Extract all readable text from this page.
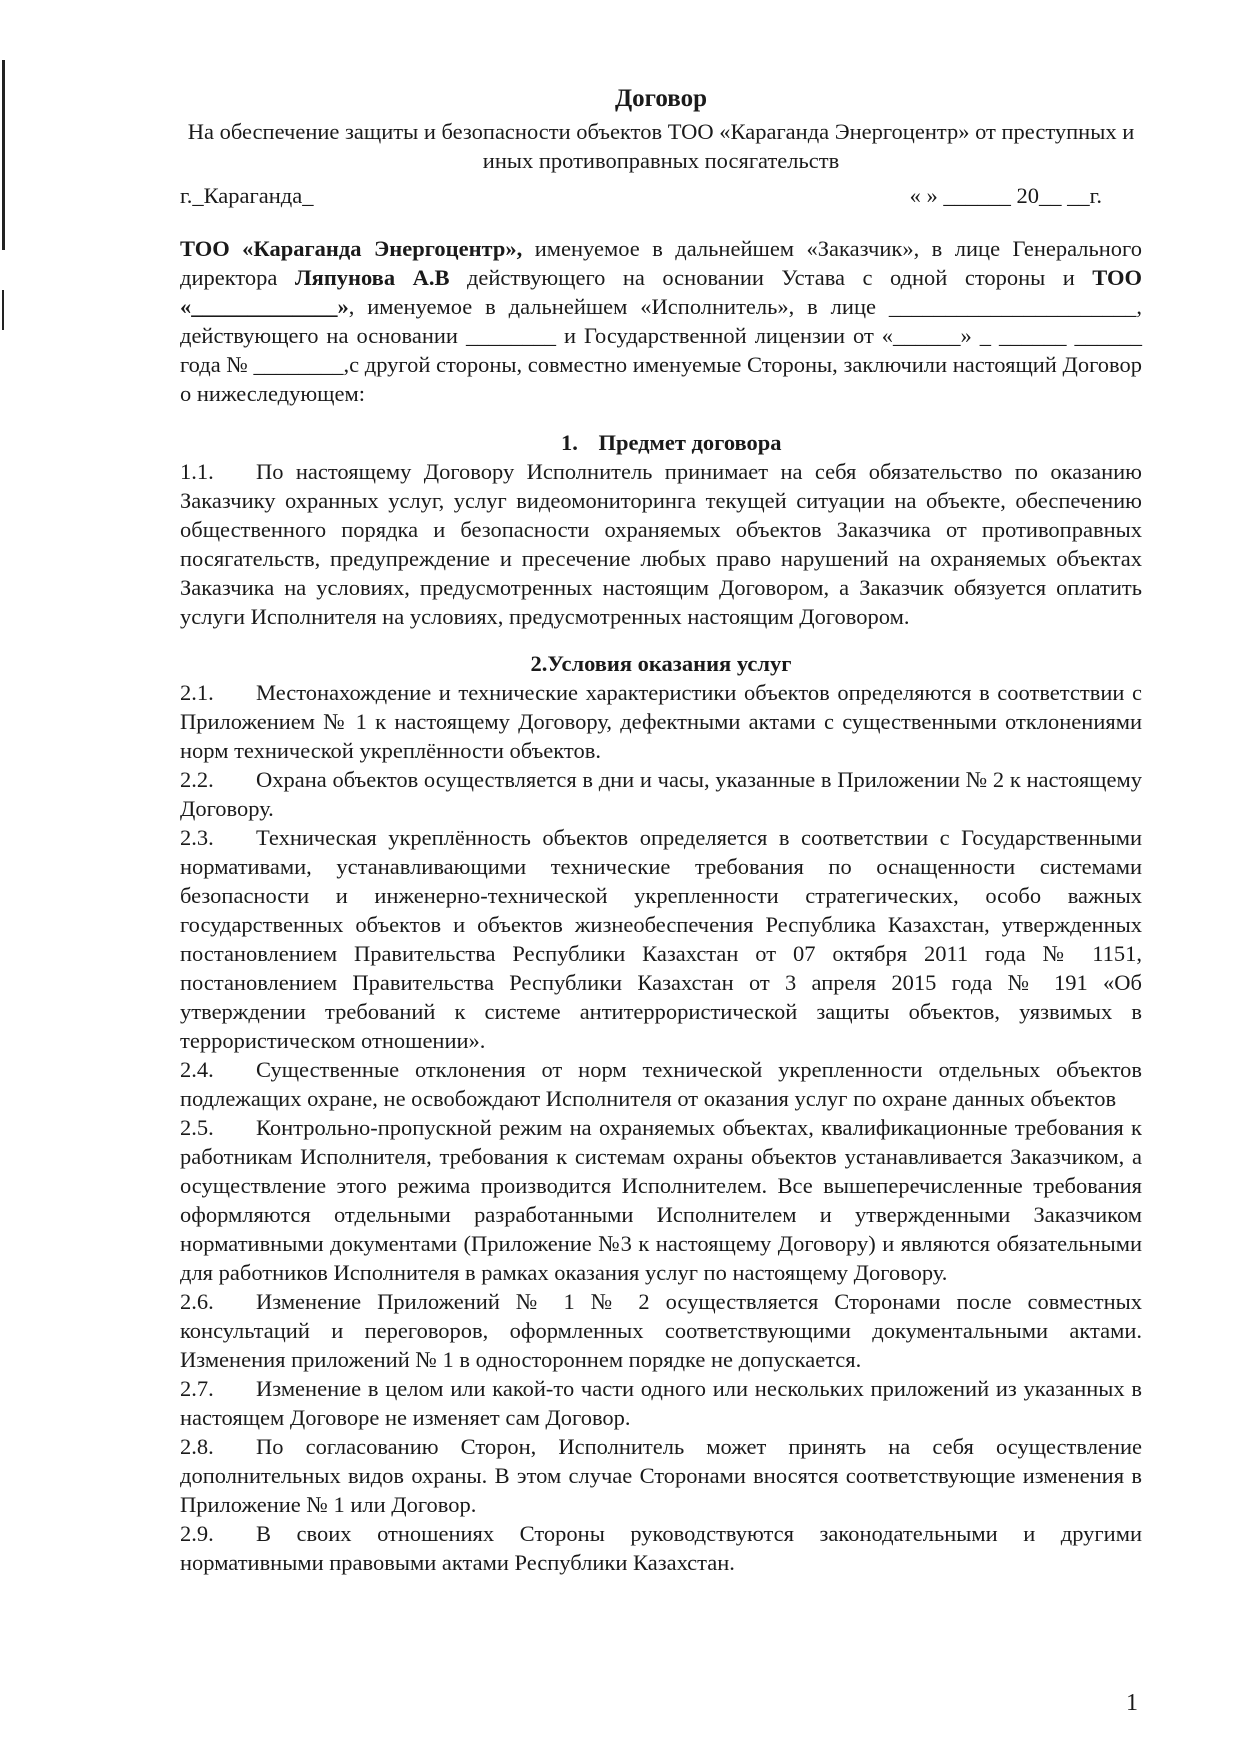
Договор

На обеспечение защиты и безопасности объектов ТОО «Караганда Энергоцентр» от преступных и иных противоправных посягательств

г._Караганда_	« » ______ 20__ __г.

ТОО «Караганда Энергоцентр», именуемое в дальнейшем «Заказчик», в лице Генерального директора Ляпунова А.В действующего на основании Устава с одной стороны и ТОО «_____________», именуемое в дальнейшем «Исполнитель», в лице ______________________, действующего на основании ________ и Государственной лицензии от «______» _ ______ ______ года № ________,с другой стороны, совместно именуемые Стороны, заключили настоящий Договор о нижеследующем:

1. Предмет договора

1.1. По настоящему Договору Исполнитель принимает на себя обязательство по оказанию Заказчику охранных услуг, услуг видеомониторинга текущей ситуации на объекте, обеспечению общественного порядка и безопасности охраняемых объектов Заказчика от противоправных посягательств, предупреждение и пресечение любых право нарушений на охраняемых объектах Заказчика на условиях, предусмотренных настоящим Договором, а Заказчик обязуется оплатить услуги Исполнителя на условиях, предусмотренных настоящим Договором.

2.Условия оказания услуг

2.1. Местонахождение и технические характеристики объектов определяются в соответствии с Приложением № 1 к настоящему Договору, дефектными актами с существенными отклонениями норм технической укреплённости объектов.

2.2. Охрана объектов осуществляется в дни и часы, указанные в Приложении № 2 к настоящему Договору.

2.3. Техническая укреплённость объектов определяется в соответствии с Государственными нормативами, устанавливающими технические требования по оснащенности системами безопасности и инженерно-технической укрепленности стратегических, особо важных государственных объектов и объектов жизнеобеспечения Республика Казахстан, утвержденных постановлением Правительства Республики Казахстан от 07 октября 2011 года № 1151, постановлением Правительства Республики Казахстан от 3 апреля 2015 года № 191 «Об утверждении требований к системе антитеррористической защиты объектов, уязвимых в террористическом отношении».

2.4. Существенные отклонения от норм технической укрепленности отдельных объектов подлежащих охране, не освобождают Исполнителя от оказания услуг по охране данных объектов

2.5. Контрольно-пропускной режим на охраняемых объектах, квалификационные требования к работникам Исполнителя, требования к системам охраны объектов устанавливается Заказчиком, а осуществление этого режима производится Исполнителем. Все вышеперечисленные требования оформляются отдельными разработанными Исполнителем и утвержденными Заказчиком нормативными документами (Приложение №3 к настоящему Договору) и являются обязательными для работников Исполнителя в рамках оказания услуг по настоящему Договору.

2.6. Изменение Приложений № 1 № 2 осуществляется Сторонами после совместных консультаций и переговоров, оформленных соответствующими документальными актами. Изменения приложений № 1 в одностороннем порядке не допускается.

2.7. Изменение в целом или какой-то части одного или нескольких приложений из указанных в настоящем Договоре не изменяет сам Договор.

2.8. По согласованию Сторон, Исполнитель может принять на себя осуществление дополнительных видов охраны. В этом случае Сторонами вносятся соответствующие изменения в Приложение № 1 или Договор.

2.9. В своих отношениях Стороны руководствуются законодательными и другими нормативными правовыми актами Республики Казахстан.

1
